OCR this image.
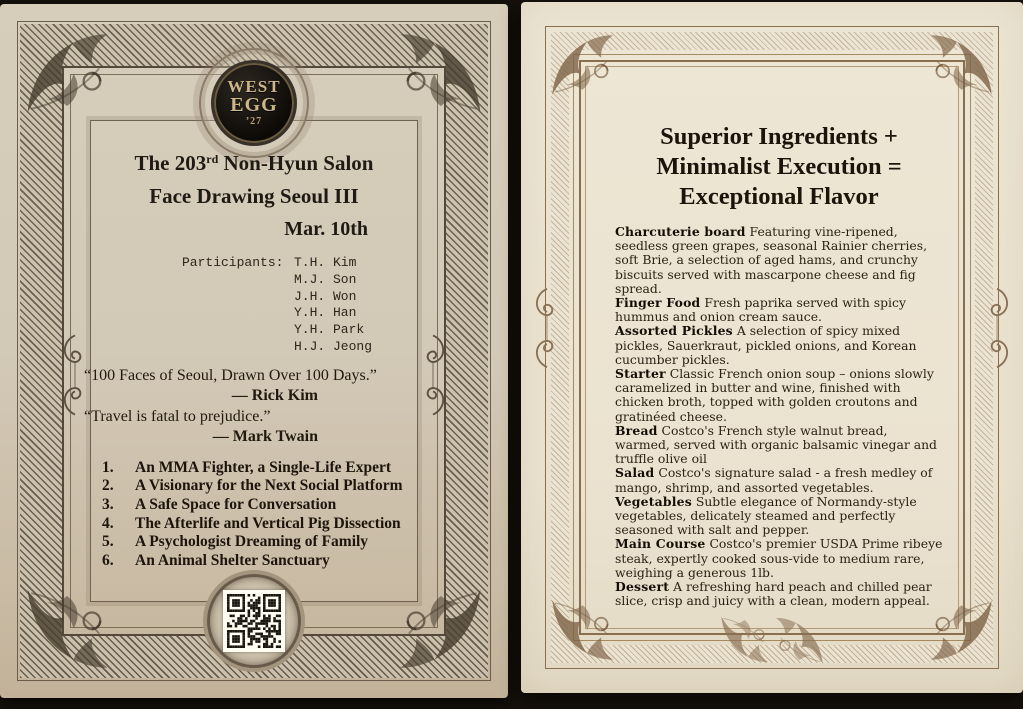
WEST
EGG
’27
The 203rd Non-Hyun Salon
Face Drawing Seoul III
Mar. 10th
Participants: T.H. Kim
M.J. Son
J.H. Won
Y.H. Han
Y.H. Park
H.J. Jeong
“100 Faces of Seoul, Drawn Over 100 Days.”
— Rick Kim
“Travel is fatal to prejudice.”
— Mark Twain
1.	An MMA Fighter, a Single-Life Expert
2.	A Visionary for the Next Social Platform
3.	A Safe Space for Conversation
4.	The Afterlife and Vertical Pig Dissection
5.	A Psychologist Dreaming of Family
6.	An Animal Shelter Sanctuary
Superior Ingredients +
Minimalist Execution =
Exceptional Flavor

Charcuterie board Featuring vine-ripened, seedless green grapes, seasonal Rainier cherries, soft Brie, a selection of aged hams, and crunchy biscuits served with mascarpone cheese and fig spread.

Finger Food Fresh paprika served with spicy hummus and onion cream sauce.

Assorted Pickles A selection of spicy mixed pickles, Sauerkraut, pickled onions, and Korean cucumber pickles.

Starter Classic French onion soup – onions slowly caramelized in butter and wine, finished with chicken broth, topped with golden croutons and gratinéed cheese.

Bread Costco's French style walnut bread, warmed, served with organic balsamic vinegar and truffle olive oil

Salad Costco's signature salad - a fresh medley of mango, shrimp, and assorted vegetables.

Vegetables Subtle elegance of Normandy-style vegetables, delicately steamed and perfectly seasoned with salt and pepper.

Main Course Costco's premier USDA Prime ribeye steak, expertly cooked sous-vide to medium rare, weighing a generous 1lb.

Dessert A refreshing hard peach and chilled pear slice, crisp and juicy with a clean, modern appeal.
